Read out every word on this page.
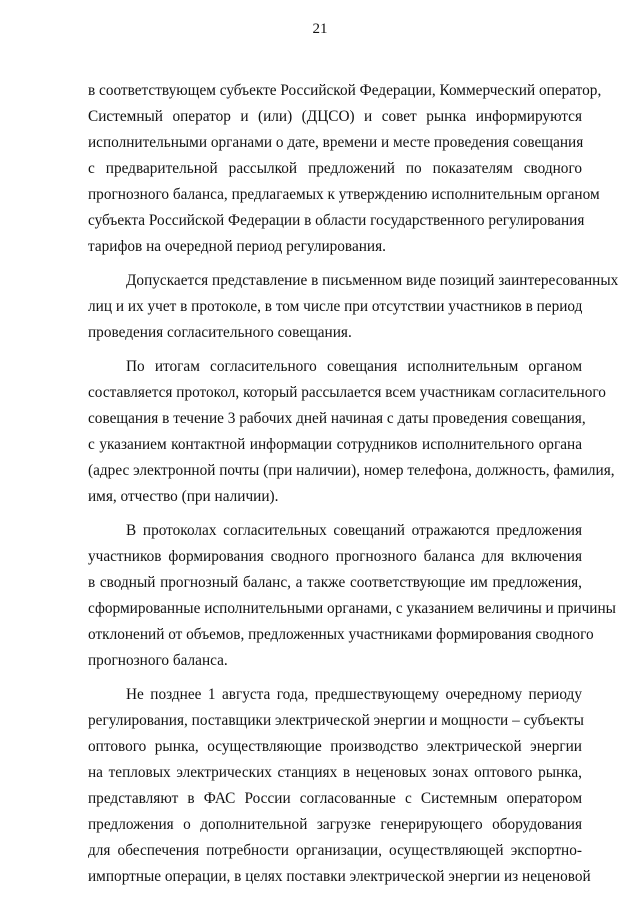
21
в соответствующем субъекте Российской Федерации, Коммерческий оператор,
Системный оператор и (или) (ДЦСО) и совет рынка информируются
исполнительными органами о дате, времени и месте проведения совещания
с предварительной рассылкой предложений по показателям сводного
прогнозного баланса, предлагаемых к утверждению исполнительным органом
субъекта Российской Федерации в области государственного регулирования
тарифов на очередной период регулирования.
Допускается представление в письменном виде позиций заинтересованных
лиц и их учет в протоколе, в том числе при отсутствии участников в период
проведения согласительного совещания.
По итогам согласительного совещания исполнительным органом
составляется протокол, который рассылается всем участникам согласительного
совещания в течение 3 рабочих дней начиная с даты проведения совещания,
с указанием контактной информации сотрудников исполнительного органа
(адрес электронной почты (при наличии), номер телефона, должность, фамилия,
имя, отчество (при наличии).
В протоколах согласительных совещаний отражаются предложения
участников формирования сводного прогнозного баланса для включения
в сводный прогнозный баланс, а также соответствующие им предложения,
сформированные исполнительными органами, с указанием величины и причины
отклонений от объемов, предложенных участниками формирования сводного
прогнозного баланса.
Не позднее 1 августа года, предшествующему очередному периоду
регулирования, поставщики электрической энергии и мощности – субъекты
оптового рынка, осуществляющие производство электрической энергии
на тепловых электрических станциях в неценовых зонах оптового рынка,
представляют в ФАС России согласованные с Системным оператором
предложения о дополнительной загрузке генерирующего оборудования
для обеспечения потребности организации, осуществляющей экспортно-
импортные операции, в целях поставки электрической энергии из неценовой
